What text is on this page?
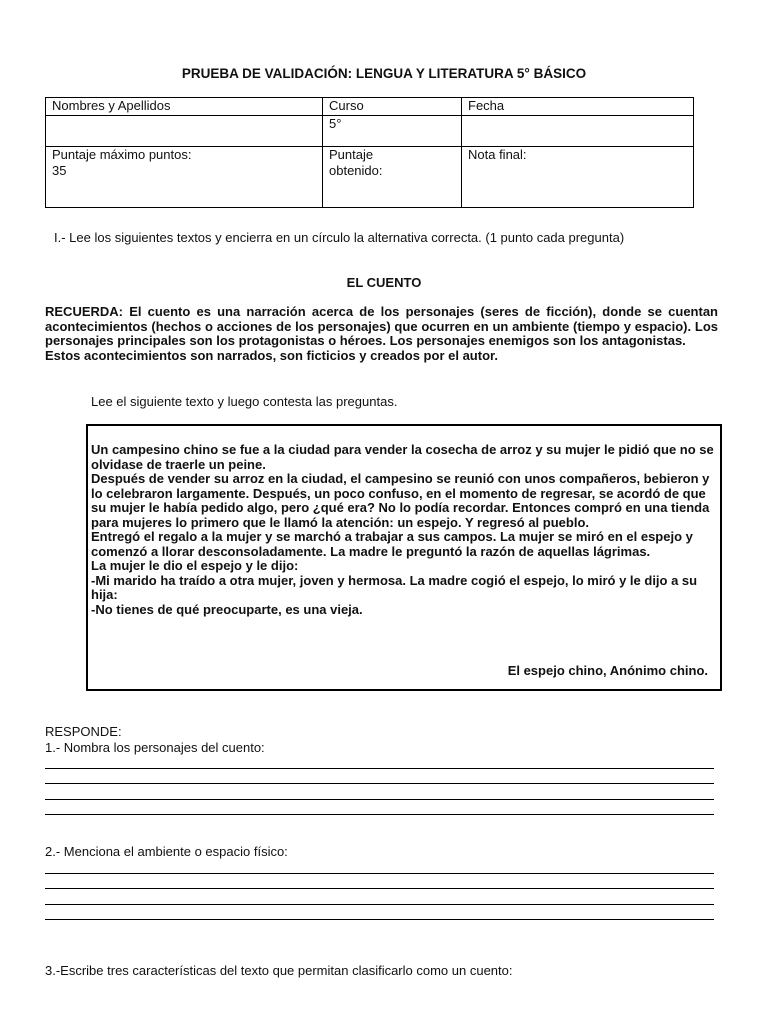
PRUEBA DE VALIDACIÓN: LENGUA Y LITERATURA 5° BÁSICO
Nombres y Apellidos	Curso	Fecha
	5°	

Puntaje máximo puntos:
35	Puntaje obtenido:	Nota final:
I.- Lee los siguientes textos y encierra en un círculo la alternativa correcta. (1 punto cada pregunta)
EL CUENTO

RECUERDA: El cuento es una narración acerca de los personajes (seres de ficción), donde se cuentan acontecimientos (hechos o acciones de los personajes) que ocurren en un ambiente (tiempo y espacio). Los personajes principales son los protagonistas o héroes. Los personajes enemigos son los antagonistas.

Estos acontecimientos son narrados, son ficticios y creados por el autor.

Lee el siguiente texto y luego contesta las preguntas.

Un campesino chino se fue a la ciudad para vender la cosecha de arroz y su mujer le pidió que no se olvidase de traerle un peine.

Después de vender su arroz en la ciudad, el campesino se reunió con unos compañeros, bebieron y lo celebraron largamente. Después, un poco confuso, en el momento de regresar, se acordó de que su mujer le había pedido algo, pero ¿qué era? No lo podía recordar. Entonces compró en una tienda para mujeres lo primero que le llamó la atención: un espejo. Y regresó al pueblo.

Entregó el regalo a la mujer y se marchó a trabajar a sus campos. La mujer se miró en el espejo y comenzó a llorar desconsoladamente. La madre le preguntó la razón de aquellas lágrimas.

La mujer le dio el espejo y le dijo:

-Mi marido ha traído a otra mujer, joven y hermosa. La madre cogió el espejo, lo miró y le dijo a su hija:

-No tienes de qué preocuparte, es una vieja.

El espejo chino, Anónimo chino.
RESPONDE:
1.- Nombra los personajes del cuento:
2.- Menciona el ambiente o espacio físico:
3.-Escribe tres características del texto que permitan clasificarlo como un cuento:
